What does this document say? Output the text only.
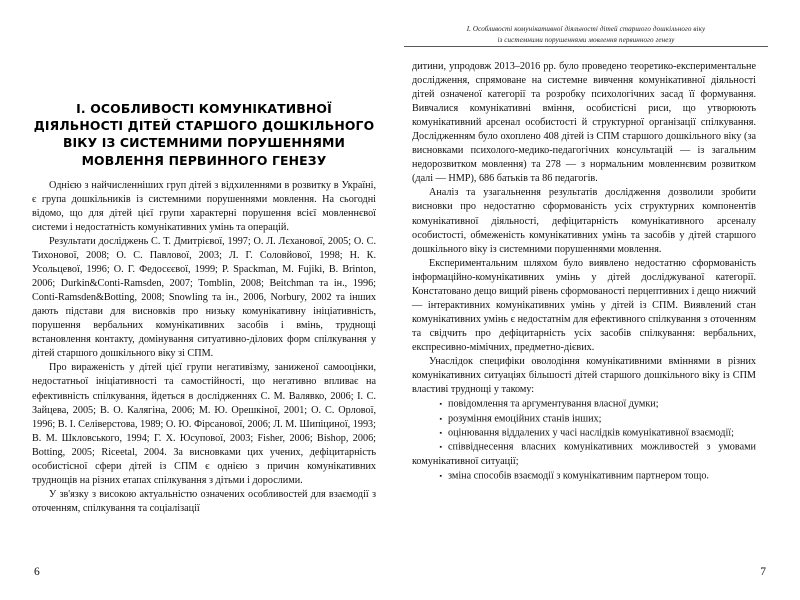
I. Особливості комунікативної діяльності дітей старшого дошкільного віку
із системними порушеннями мовлення первинного генезу
I. ОСОБЛИВОСТІ КОМУНІКАТИВНОЇ
ДІЯЛЬНОСТІ ДІТЕЙ СТАРШОГО ДОШКІЛЬНОГО
ВІКУ ІЗ СИСТЕМНИМИ ПОРУШЕННЯМИ
МОВЛЕННЯ ПЕРВИННОГО ГЕНЕЗУ

Однією з найчисленніших груп дітей з відхиленнями в розвитку в Україні, є група дошкільників із системними порушеннями мовлення. На сьогодні відомо, що для дітей цієї групи характерні порушення всієї мовленнєвої системи і недостатність комунікативних умінь та операцій.

Результати досліджень С. Т. Дмитрієвої, 1997; О. Л. Лєханової, 2005; О. С. Тихонової, 2008; О. С. Павлової, 2003; Л. Г. Соловйової, 1998; Н. К. Усольцевої, 1996; О. Г. Федосєєвої, 1999; P. Spackman, M. Fujiki, B. Brinton, 2006; Durkin&Conti-Ramsden, 2007; Tomblin, 2008; Beitchman та ін., 1996; Conti-Ramsden&Botting, 2008; Snowling та ін., 2006, Norbury, 2002 та інших дають підстави для висновків про низьку комунікативну ініціативність, порушення вербальних комунікативних засобів і вмінь, труднощі встановлення контакту, домінування ситуативно-ділових форм спілкування у дітей старшого дошкільного віку зі СПМ.

Про вираженість у дітей цієї групи негативізму, заниженої самооцінки, недостатньої ініціативності та самостійності, що негативно впливає на ефективність спілкування, йдеться в дослідженнях С. М. Валявко, 2006; І. С. Зайцева, 2005; В. О. Калягіна, 2006; М. Ю. Орешкіної, 2001; О. С. Орлової, 1996; В. І. Селіверстова, 1989; О. Ю. Фірсанової, 2006; Л. М. Шипіциної, 1993; В. М. Шкловського, 1994; Г. Х. Юсупової, 2003; Fisher, 2006; Bishop, 2006; Botting, 2005; Riceetal, 2004. За висновками цих учених, дефіцитарність особистісної сфери дітей із СПМ є однією з причин комунікативних труднощів на різних етапах спілкування з дітьми і дорослими.

У зв'язку з високою актуальністю означених особливостей для взаємодії з оточенням, спілкування та соціалізації

дитини, упродовж 2013–2016 рр. було проведено теоретико-експериментальне дослідження, спрямоване на системне вивчення комунікативної діяльності дітей означеної категорії та розробку психологічних засад її формування. Вивчалися комунікативні вміння, особистісні риси, що утворюють комунікативний арсенал особистості й структурної організації спілкування. Дослідженням було охоплено 408 дітей із СПМ старшого дошкільного віку (за висновками психолого-медико-педагогічних консультацій — із загальним недорозвитком мовлення) та 278 — з нормальним мовленнєвим розвитком (далі — НМР), 686 батьків та 86 педагогів.

Аналіз та узагальнення результатів дослідження дозволили зробити висновки про недостатню сформованість усіх структурних компонентів комунікативної діяльності, дефіцитарність комунікативного арсеналу особистості, обмеженість комунікативних умінь та засобів у дітей старшого дошкільного віку із системними порушеннями мовлення.

Експериментальним шляхом було виявлено недостатню сформованість інформаційно-комунікативних умінь у дітей досліджуваної категорії. Констатовано дещо вищий рівень сформованості перцептивних і дещо нижчий — інтерактивних комунікативних умінь у дітей із СПМ. Виявлений стан комунікативних умінь є недостатнім для ефективного спілкування з оточенням та свідчить про дефіцитарність усіх засобів спілкування: вербальних, експресивно-мімічних, предметно-дієвих.

Унаслідок специфіки оволодіння комунікативними вміннями в різних комунікативних ситуаціях більшості дітей старшого дошкільного віку із СПМ властиві труднощі у такому:

▪повідомлення та аргументування власної думки;
▪розуміння емоційних станів інших;
▪оцінювання віддалених у часі наслідків комунікативної взаємодії;
▪співвіднесення власних комунікативних можливостей з умовами комунікативної ситуації;
▪зміна способів взаємодії з комунікативним партнером тощо.
6	7
